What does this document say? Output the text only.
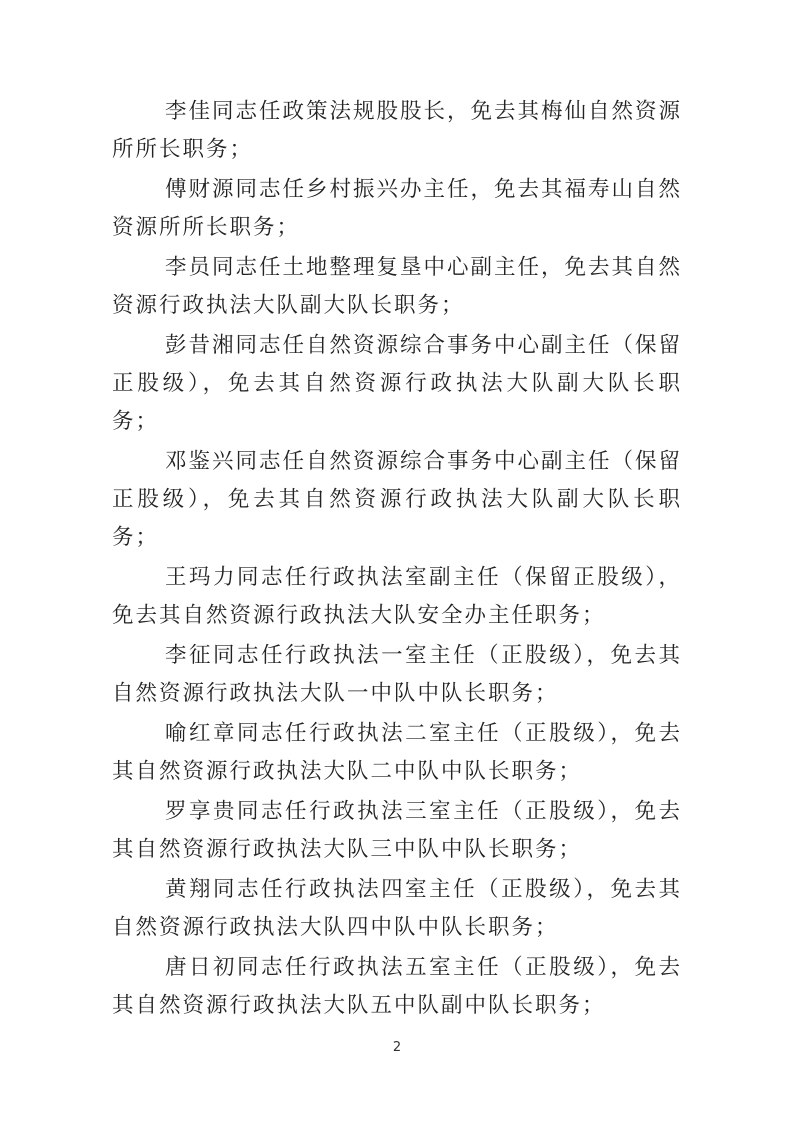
李佳同志任政策法规股股长，免去其梅仙自然资源所所长职务；

傅财源同志任乡村振兴办主任，免去其福寿山自然资源所所长职务；

李员同志任土地整理复垦中心副主任，免去其自然资源行政执法大队副大队长职务；

彭昔湘同志任自然资源综合事务中心副主任（保留正股级），免去其自然资源行政执法大队副大队长职务；

邓鉴兴同志任自然资源综合事务中心副主任（保留正股级），免去其自然资源行政执法大队副大队长职务；

王玛力同志任行政执法室副主任（保留正股级），免去其自然资源行政执法大队安全办主任职务；

李征同志任行政执法一室主任（正股级），免去其自然资源行政执法大队一中队中队长职务；

喻红章同志任行政执法二室主任（正股级），免去其自然资源行政执法大队二中队中队长职务；

罗享贵同志任行政执法三室主任（正股级），免去其自然资源行政执法大队三中队中队长职务；

黄翔同志任行政执法四室主任（正股级），免去其自然资源行政执法大队四中队中队长职务；

唐日初同志任行政执法五室主任（正股级），免去其自然资源行政执法大队五中队副中队长职务；

2
